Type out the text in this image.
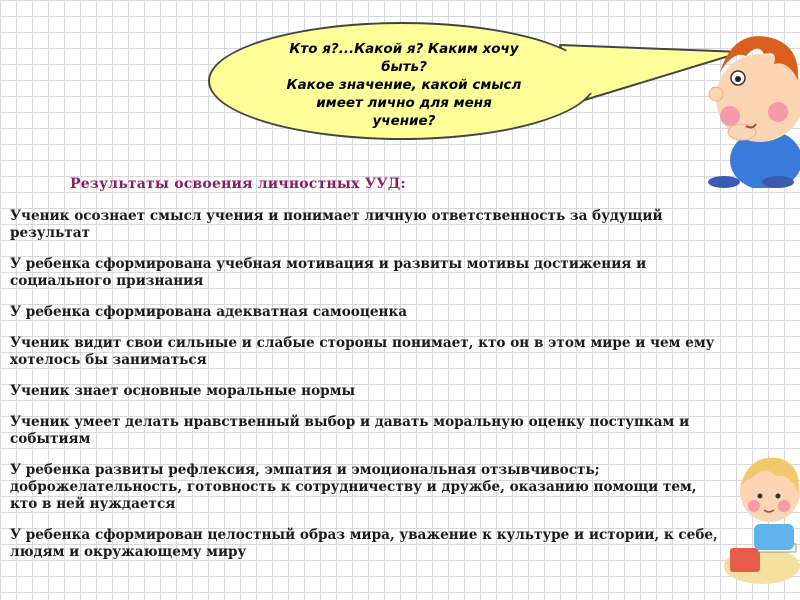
Кто я?...Какой я? Каким хочу
быть?
Какое значение, какой смысл
имеет лично для меня
учение?
Результаты освоения личностных УУД:
Ученик осознает смысл учения и понимает личную ответственность за будущий
результат
У ребенка сформирована учебная мотивация и развиты мотивы достижения и
социального признания
У ребенка сформирована адекватная самооценка
Ученик видит свои сильные и слабые стороны понимает, кто он в этом мире и чем ему
хотелось бы заниматься
Ученик знает основные моральные нормы
Ученик умеет делать нравственный выбор и давать моральную оценку поступкам и
событиям
У ребенка развиты рефлексия, эмпатия и эмоциональная отзывчивость;
доброжелательность, готовность к сотрудничеству и дружбе, оказанию помощи тем,
кто в ней нуждается
У ребенка сформирован целостный образ мира, уважение к культуре и истории, к себе,
людям и окружающему миру
